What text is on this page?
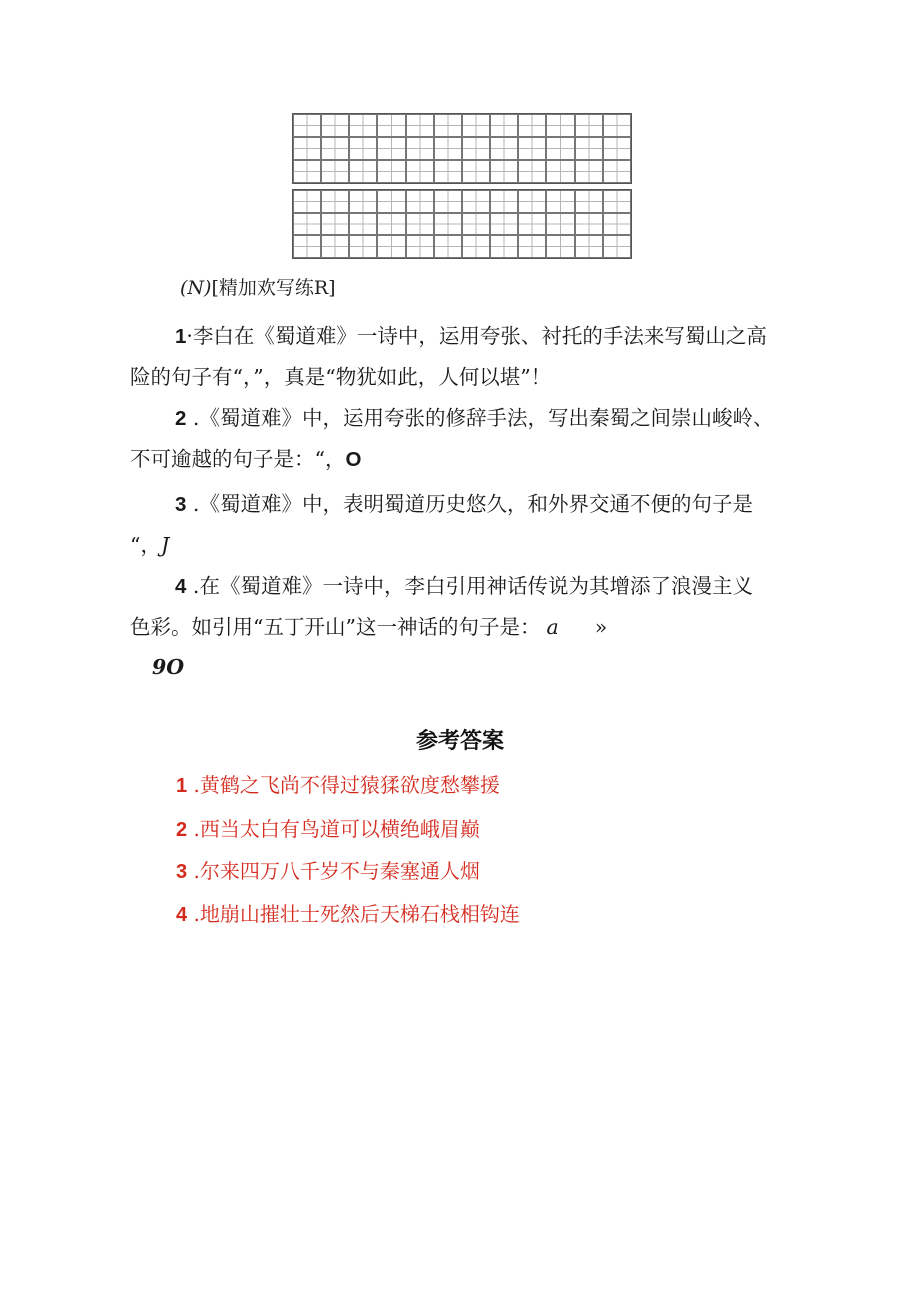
(N)[精加欢写练R]
1·李白在《蜀道难》一诗中，运用夸张、衬托的手法来写蜀山之高
险的句子有“，”，真是“物犹如此，人何以堪”！
2 .《蜀道难》中，运用夸张的修辞手法，写出秦蜀之间崇山峻岭、
不可逾越的句子是：“，O
3 .《蜀道难》中，表明蜀道历史悠久，和外界交通不便的句子是
“，J
4 .在《蜀道难》一诗中，李白引用神话传说为其增添了浪漫主义
色彩。如引用“五丁开山”这一神话的句子是： a »
9O
参考答案
1 .黄鹤之飞尚不得过猿猱欲度愁攀援
2 .西当太白有鸟道可以横绝峨眉巅
3 .尔来四万八千岁不与秦塞通人烟
4 .地崩山摧壮士死然后天梯石栈相钩连
